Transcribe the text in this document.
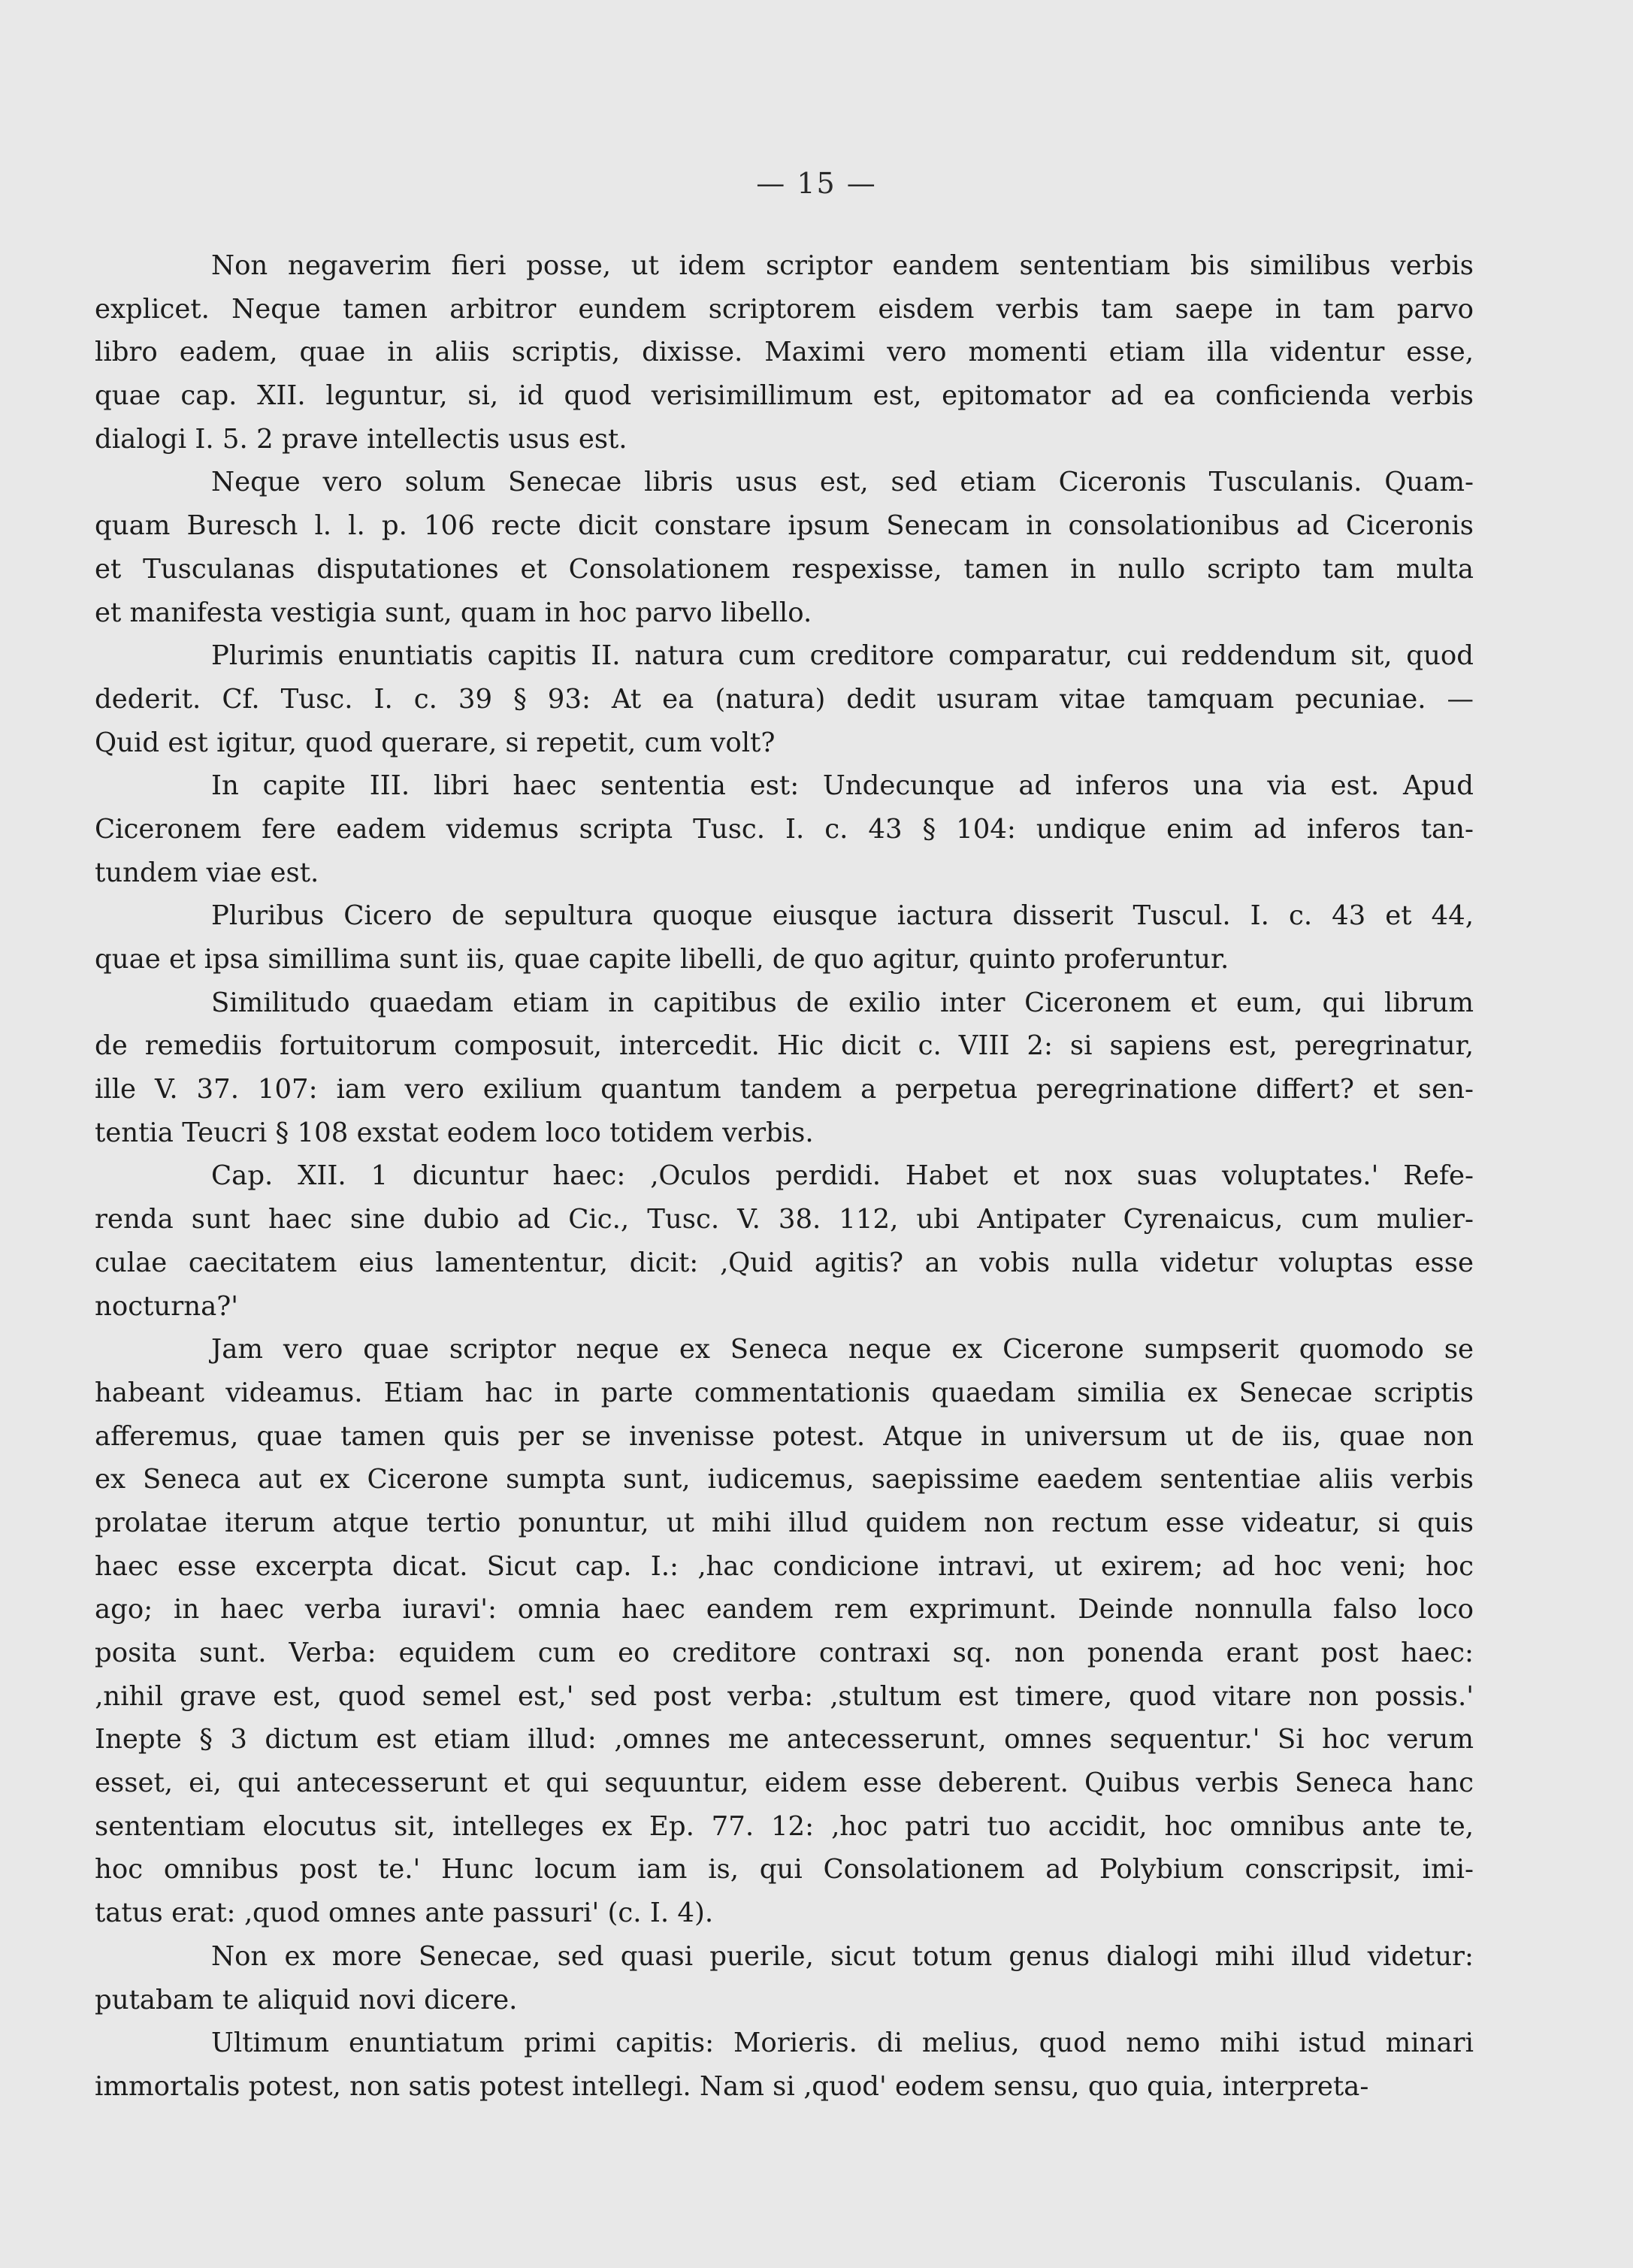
— 15 —
Non negaverim fieri posse, ut idem scriptor eandem sententiam bis similibus verbis
explicet. Neque tamen arbitror eundem scriptorem eisdem verbis tam saepe in tam parvo
libro eadem, quae in aliis scriptis, dixisse. Maximi vero momenti etiam illa videntur esse,
quae cap. XII. leguntur, si, id quod verisimillimum est, epitomator ad ea conficienda verbis
dialogi I. 5. 2 prave intellectis usus est.
Neque vero solum Senecae libris usus est, sed etiam Ciceronis Tusculanis. Quam-
quam Buresch l. l. p. 106 recte dicit constare ipsum Senecam in consolationibus ad Ciceronis
et Tusculanas disputationes et Consolationem respexisse, tamen in nullo scripto tam multa
et manifesta vestigia sunt, quam in hoc parvo libello.
Plurimis enuntiatis capitis II. natura cum creditore comparatur, cui reddendum sit, quod
dederit. Cf. Tusc. I. c. 39 § 93: At ea (natura) dedit usuram vitae tamquam pecuniae. —
Quid est igitur, quod querare, si repetit, cum volt?
In capite III. libri haec sententia est: Undecunque ad inferos una via est. Apud
Ciceronem fere eadem videmus scripta Tusc. I. c. 43 § 104: undique enim ad inferos tan-
tundem viae est.
Pluribus Cicero de sepultura quoque eiusque iactura disserit Tuscul. I. c. 43 et 44,
quae et ipsa simillima sunt iis, quae capite libelli, de quo agitur, quinto proferuntur.
Similitudo quaedam etiam in capitibus de exilio inter Ciceronem et eum, qui librum
de remediis fortuitorum composuit, intercedit. Hic dicit c. VIII 2: si sapiens est, peregrinatur,
ille V. 37. 107: iam vero exilium quantum tandem a perpetua peregrinatione differt? et sen-
tentia Teucri § 108 exstat eodem loco totidem verbis.
Cap. XII. 1 dicuntur haec: ‚Oculos perdidi. Habet et nox suas voluptates.' Refe-
renda sunt haec sine dubio ad Cic., Tusc. V. 38. 112, ubi Antipater Cyrenaicus, cum mulier-
culae caecitatem eius lamententur, dicit: ‚Quid agitis? an vobis nulla videtur voluptas esse
nocturna?'
Jam vero quae scriptor neque ex Seneca neque ex Cicerone sumpserit quomodo se
habeant videamus. Etiam hac in parte commentationis quaedam similia ex Senecae scriptis
afferemus, quae tamen quis per se invenisse potest. Atque in universum ut de iis, quae non
ex Seneca aut ex Cicerone sumpta sunt, iudicemus, saepissime eaedem sententiae aliis verbis
prolatae iterum atque tertio ponuntur, ut mihi illud quidem non rectum esse videatur, si quis
haec esse excerpta dicat. Sicut cap. I.: ‚hac condicione intravi, ut exirem; ad hoc veni; hoc
ago; in haec verba iuravi': omnia haec eandem rem exprimunt. Deinde nonnulla falso loco
posita sunt. Verba: equidem cum eo creditore contraxi sq. non ponenda erant post haec:
‚nihil grave est, quod semel est,' sed post verba: ‚stultum est timere, quod vitare non possis.'
Inepte § 3 dictum est etiam illud: ‚omnes me antecesserunt, omnes sequentur.' Si hoc verum
esset, ei, qui antecesserunt et qui sequuntur, eidem esse deberent. Quibus verbis Seneca hanc
sententiam elocutus sit, intelleges ex Ep. 77. 12: ‚hoc patri tuo accidit, hoc omnibus ante te,
hoc omnibus post te.' Hunc locum iam is, qui Consolationem ad Polybium conscripsit, imi-
tatus erat: ‚quod omnes ante passuri' (c. I. 4).
Non ex more Senecae, sed quasi puerile, sicut totum genus dialogi mihi illud videtur:
putabam te aliquid novi dicere.
Ultimum enuntiatum primi capitis: Morieris. di melius, quod nemo mihi istud minari
immortalis potest, non satis potest intellegi. Nam si ‚quod' eodem sensu, quo quia, interpreta-
